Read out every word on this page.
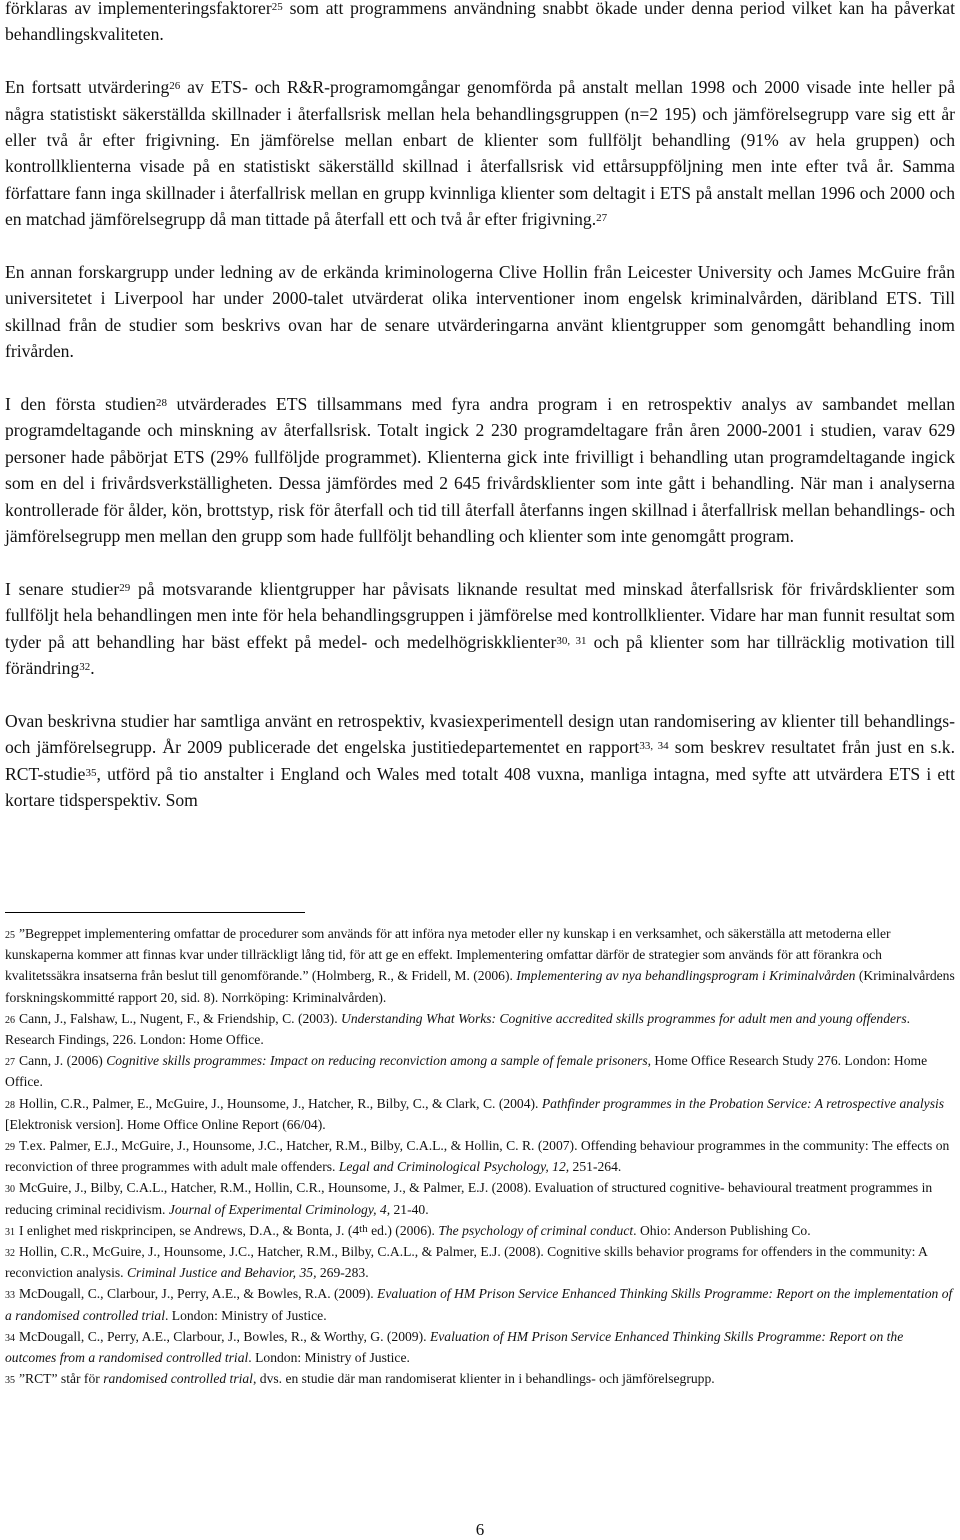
förklaras av implementeringsfaktorer$^{25}$ som att programmens användning snabbt ökade under denna period vilket kan ha påverkat behandlingskvaliteten.

En fortsatt utvärdering$^{26}$ av ETS- och R&R-programomgångar genomförda på anstalt mellan 1998 och 2000 visade inte heller på några statistiskt säkerställda skillnader i återfallsrisk mellan hela behandlingsgruppen (n=2 195) och jämförelsegrupp vare sig ett år eller två år efter frigivning. En jämförelse mellan enbart de klienter som fullföljt behandling (91% av hela gruppen) och kontrollklienterna visade på en statistiskt säkerställd skillnad i återfallsrisk vid ettårsuppföljning men inte efter två år. Samma författare fann inga skillnader i återfallrisk mellan en grupp kvinnliga klienter som deltagit i ETS på anstalt mellan 1996 och 2000 och en matchad jämförelsegrupp då man tittade på återfall ett och två år efter frigivning.$^{27}$

En annan forskargrupp under ledning av de erkända kriminologerna Clive Hollin från Leicester University och James McGuire från universitetet i Liverpool har under 2000-talet utvärderat olika interventioner inom engelsk kriminalvården, däribland ETS. Till skillnad från de studier som beskrivs ovan har de senare utvärderingarna använt klientgrupper som genomgått behandling inom frivården.

I den första studien$^{28}$ utvärderades ETS tillsammans med fyra andra program i en retrospektiv analys av sambandet mellan programdeltagande och minskning av återfallsrisk. Totalt ingick 2 230 programdeltagare från åren 2000-2001 i studien, varav 629 personer hade påbörjat ETS (29% fullföljde programmet). Klienterna gick inte frivilligt i behandling utan programdeltagande ingick som en del i frivårdsverkställigheten. Dessa jämfördes med 2 645 frivårdsklienter som inte gått i behandling. När man i analyserna kontrollerade för ålder, kön, brottstyp, risk för återfall och tid till återfall återfanns ingen skillnad i återfallrisk mellan behandlings- och jämförelsegrupp men mellan den grupp som hade fullföljt behandling och klienter som inte genomgått program.

I senare studier$^{29}$ på motsvarande klientgrupper har påvisats liknande resultat med minskad återfallsrisk för frivårdsklienter som fullföljt hela behandlingen men inte för hela behandlingsgruppen i jämförelse med kontrollklienter. Vidare har man funnit resultat som tyder på att behandling har bäst effekt på medel- och medelhögriskklienter$^{30, 31}$ och på klienter som har tillräcklig motivation till förändring$^{32}$.

Ovan beskrivna studier har samtliga använt en retrospektiv, kvasiexperimentell design utan randomisering av klienter till behandlings- och jämförelsegrupp. År 2009 publicerade det engelska justitiedepartementet en rapport$^{33, 34}$ som beskrev resultatet från just en s.k. RCT-studie$^{35}$, utförd på tio anstalter i England och Wales med totalt 408 vuxna, manliga intagna, med syfte att utvärdera ETS i ett kortare tidsperspektiv. Som

$^{25}$ ”Begreppet implementering omfattar de procedurer som används för att införa nya metoder eller ny kunskap i en verksamhet, och säkerställa att metoderna eller kunskaperna kommer att finnas kvar under tillräckligt lång tid, för att ge en effekt. Implementering omfattar därför de strategier som används för att förankra och kvalitetssäkra insatserna från beslut till genomförande.” (Holmberg, R., & Fridell, M. (2006). Implementering av nya behandlingsprogram i Kriminalvården (Kriminalvårdens forskningskommitté rapport 20, sid. 8). Norrköping: Kriminalvården).

$^{26}$ Cann, J., Falshaw, L., Nugent, F., & Friendship, C. (2003). Understanding What Works: Cognitive accredited skills programmes for adult men and young offenders. Research Findings, 226. London: Home Office.

$^{27}$ Cann, J. (2006) Cognitive skills programmes: Impact on reducing reconviction among a sample of female prisoners, Home Office Research Study 276. London: Home Office.

$^{28}$ Hollin, C.R., Palmer, E., McGuire, J., Hounsome, J., Hatcher, R., Bilby, C., & Clark, C. (2004). Pathfinder programmes in the Probation Service: A retrospective analysis [Elektronisk version]. Home Office Online Report (66/04).

$^{29}$ T.ex. Palmer, E.J., McGuire, J., Hounsome, J.C., Hatcher, R.M., Bilby, C.A.L., & Hollin, C. R. (2007). Offending behaviour programmes in the community: The effects on reconviction of three programmes with adult male offenders. Legal and Criminological Psychology, 12, 251-264.

$^{30}$ McGuire, J., Bilby, C.A.L., Hatcher, R.M., Hollin, C.R., Hounsome, J., & Palmer, E.J. (2008). Evaluation of structured cognitive- behavioural treatment programmes in reducing criminal recidivism. Journal of Experimental Criminology, 4, 21-40.

$^{31}$ I enlighet med riskprincipen, se Andrews, D.A., & Bonta, J. (4th ed.) (2006). The psychology of criminal conduct. Ohio: Anderson Publishing Co.

$^{32}$ Hollin, C.R., McGuire, J., Hounsome, J.C., Hatcher, R.M., Bilby, C.A.L., & Palmer, E.J. (2008). Cognitive skills behavior programs for offenders in the community: A reconviction analysis. Criminal Justice and Behavior, 35, 269-283.

$^{33}$ McDougall, C., Clarbour, J., Perry, A.E., & Bowles, R.A. (2009). Evaluation of HM Prison Service Enhanced Thinking Skills Programme: Report on the implementation of a randomised controlled trial. London: Ministry of Justice.

$^{34}$ McDougall, C., Perry, A.E., Clarbour, J., Bowles, R., & Worthy, G. (2009). Evaluation of HM Prison Service Enhanced Thinking Skills Programme: Report on the outcomes from a randomised controlled trial. London: Ministry of Justice.

$^{35}$ ”RCT” står för randomised controlled trial, dvs. en studie där man randomiserat klienter in i behandlings- och jämförelsegrupp.

6
